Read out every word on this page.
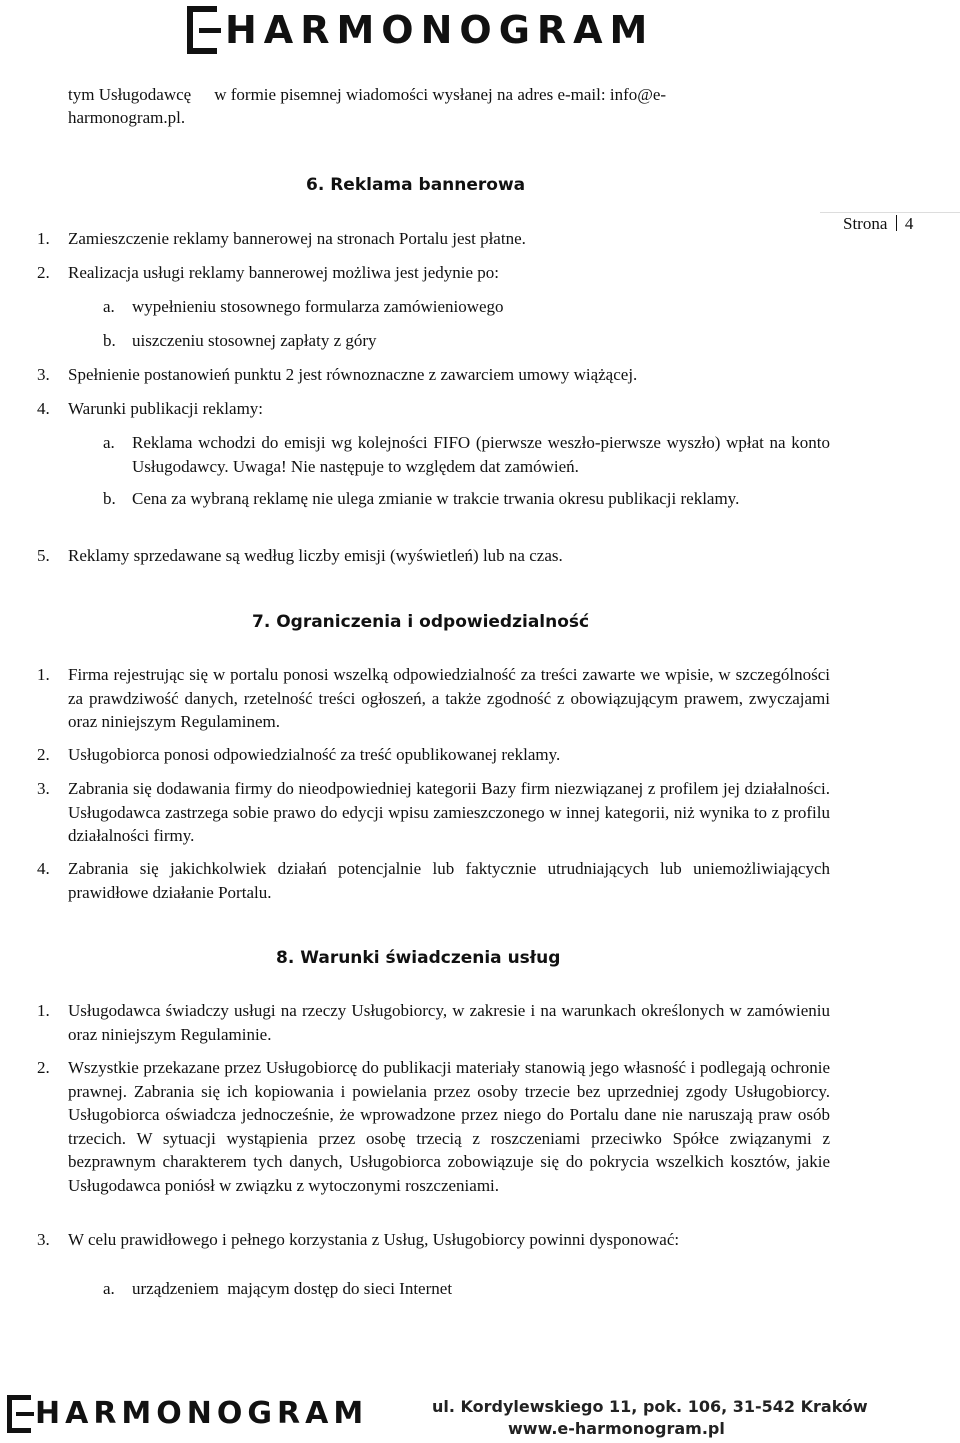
HARMONOGRAM
Strona 4
tym Usługodawcę w formie pisemnej wiadomości wysłanej na adres e-mail: info@e-
harmonogram.pl.
6. Reklama bannerowa
1. Zamieszczenie reklamy bannerowej na stronach Portalu jest płatne.
2. Realizacja usługi reklamy bannerowej możliwa jest jedynie po:
a. wypełnieniu stosownego formularza zamówieniowego
b. uiszczeniu stosownej zapłaty z góry
3. Spełnienie postanowień punktu 2 jest równoznaczne z zawarciem umowy wiążącej.
4. Warunki publikacji reklamy:
a. Reklama wchodzi do emisji wg kolejności FIFO (pierwsze weszło-pierwsze wyszło) wpłat na konto Usługodawcy. Uwaga! Nie następuje to względem dat zamówień.
b. Cena za wybraną reklamę nie ulega zmianie w trakcie trwania okresu publikacji reklamy.
5. Reklamy sprzedawane są według liczby emisji (wyświetleń) lub na czas.
7. Ograniczenia i odpowiedzialność
1. Firma rejestrując się w portalu ponosi wszelką odpowiedzialność za treści zawarte we wpisie, w szczególności za prawdziwość danych, rzetelność treści ogłoszeń, a także zgodność z obowiązującym prawem, zwyczajami oraz niniejszym Regulaminem.
2. Usługobiorca ponosi odpowiedzialność za treść opublikowanej reklamy.
3. Zabrania się dodawania firmy do nieodpowiedniej kategorii Bazy firm niezwiązanej z profilem jej działalności. Usługodawca zastrzega sobie prawo do edycji wpisu zamieszczonego w innej kategorii, niż wynika to z profilu działalności firmy.
4. Zabrania się jakichkolwiek działań potencjalnie lub faktycznie utrudniających lub uniemożliwiających prawidłowe działanie Portalu.
8. Warunki świadczenia usług
1. Usługodawca świadczy usługi na rzeczy Usługobiorcy, w zakresie i na warunkach określonych w zamówieniu oraz niniejszym Regulaminie.
2. Wszystkie przekazane przez Usługobiorcę do publikacji materiały stanowią jego własność i podlegają ochronie prawnej. Zabrania się ich kopiowania i powielania przez osoby trzecie bez uprzedniej zgody Usługobiorcy. Usługobiorca oświadcza jednocześnie, że wprowadzone przez niego do Portalu dane nie naruszają praw osób trzecich. W sytuacji wystąpienia przez osobę trzecią z roszczeniami przeciwko Spółce związanymi z bezprawnym charakterem tych danych, Usługobiorca zobowiązuje się do pokrycia wszelkich kosztów, jakie Usługodawca poniósł w związku z wytoczonymi roszczeniami.
3. W celu prawidłowego i pełnego korzystania z Usług, Usługobiorcy powinni dysponować:
a. urządzeniem  mającym dostęp do sieci Internet
HARMONOGRAM	ul. Kordylewskiego 11, pok. 106, 31-542 Kraków
www.e-harmonogram.pl
